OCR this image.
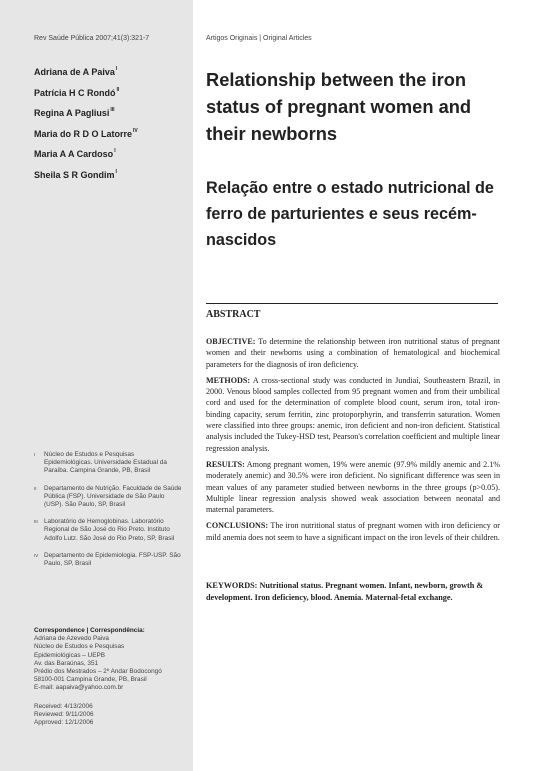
Rev Saúde Pública 2007;41(3):321-7
Adriana de A Paiva$^I$
Patrícia H C Rondó$^{II}$
Regina A Pagliusi$^{III}$
Maria do R D O Latorre$^{IV}$
Maria A A Cardoso$^I$
Sheila S R Gondim$^I$
I Núcleo de Estudos e Pesquisas Epidemiológicas. Universidade Estadual da Paraíba. Campina Grande, PB, Brasil
II Departamento de Nutrição. Faculdade de Saúde Pública (FSP). Universidade de São Paulo (USP). São Paulo, SP, Brasil
III Laboratório de Hemoglobinas. Laboratório Regional de São José do Rio Preto. Instituto Adolfo Lutz. São José do Rio Preto, SP, Brasil
IV Departamento de Epidemiologia. FSP-USP. São Paulo, SP, Brasil
Correspondence | Correspondência:
Adriana de Azevedo Paiva
Núcleo de Estudos e Pesquisas
Epidemiológicas – UEPB
Av. das Baraúnas, 351
Prédio dos Mestrados – 2º Andar Bodocongó
58100-001 Campina Grande, PB, Brasil
E-mail: aapaiva@yahoo.com.br
Received: 4/13/2006
Reviewed: 9/11/2006
Approved: 12/1/2006
Artigos Originais | Original Articles
Relationship between the iron status of pregnant women and their newborns
Relação entre o estado nutricional de ferro de parturientes e seus recém-nascidos
ABSTRACT

OBJECTIVE: To determine the relationship between iron nutritional status of pregnant women and their newborns using a combination of hematological and biochemical parameters for the diagnosis of iron deficiency.

METHODS: A cross-sectional study was conducted in Jundiaí, Southeastern Brazil, in 2000. Venous blood samples collected from 95 pregnant women and from their umbilical cord and used for the determination of complete blood count, serum iron, total iron-binding capacity, serum ferritin, zinc protoporphyrin, and transferrin saturation. Women were classified into three groups: anemic, iron deficient and non-iron deficient. Statistical analysis included the Tukey-HSD test, Pearson's correlation coefficient and multiple linear regression analysis.

RESULTS: Among pregnant women, 19% were anemic (97.9% mildly anemic and 2.1% moderately anemic) and 30.5% were iron deficient. No significant difference was seen in mean values of any parameter studied between newborns in the three groups (p>0.05). Multiple linear regression analysis showed weak association between neonatal and maternal parameters.

CONCLUSIONS: The iron nutritional status of pregnant women with iron deficiency or mild anemia does not seem to have a significant impact on the iron levels of their children.

KEYWORDS: Nutritional status. Pregnant women. Infant, newborn, growth & development. Iron deficiency, blood. Anemia. Maternal-fetal exchange.
